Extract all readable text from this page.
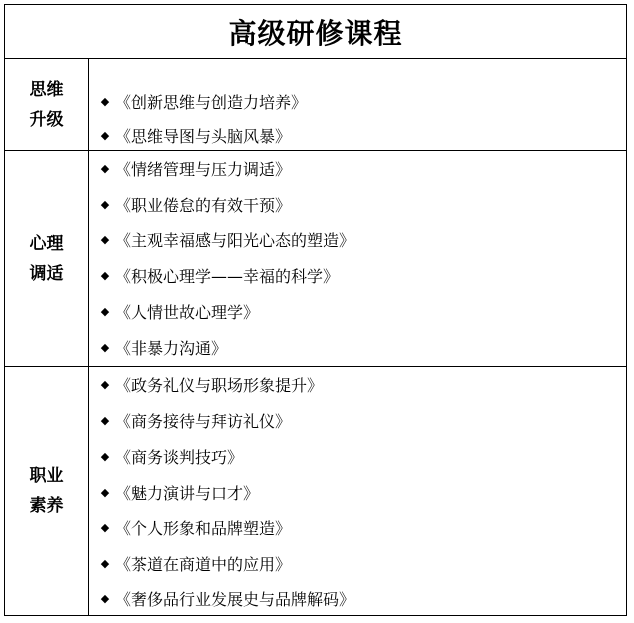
高级研修课程
思维升级
◆ 《创新思维与创造力培养》
◆ 《思维导图与头脑风暴》
心理调适
◆ 《情绪管理与压力调适》
◆ 《职业倦怠的有效干预》
◆ 《主观幸福感与阳光心态的塑造》
◆ 《积极心理学——幸福的科学》
◆ 《人情世故心理学》
◆ 《非暴力沟通》
职业素养
◆ 《政务礼仪与职场形象提升》
◆ 《商务接待与拜访礼仪》
◆ 《商务谈判技巧》
◆ 《魅力演讲与口才》
◆ 《个人形象和品牌塑造》
◆ 《茶道在商道中的应用》
◆ 《奢侈品行业发展史与品牌解码》
